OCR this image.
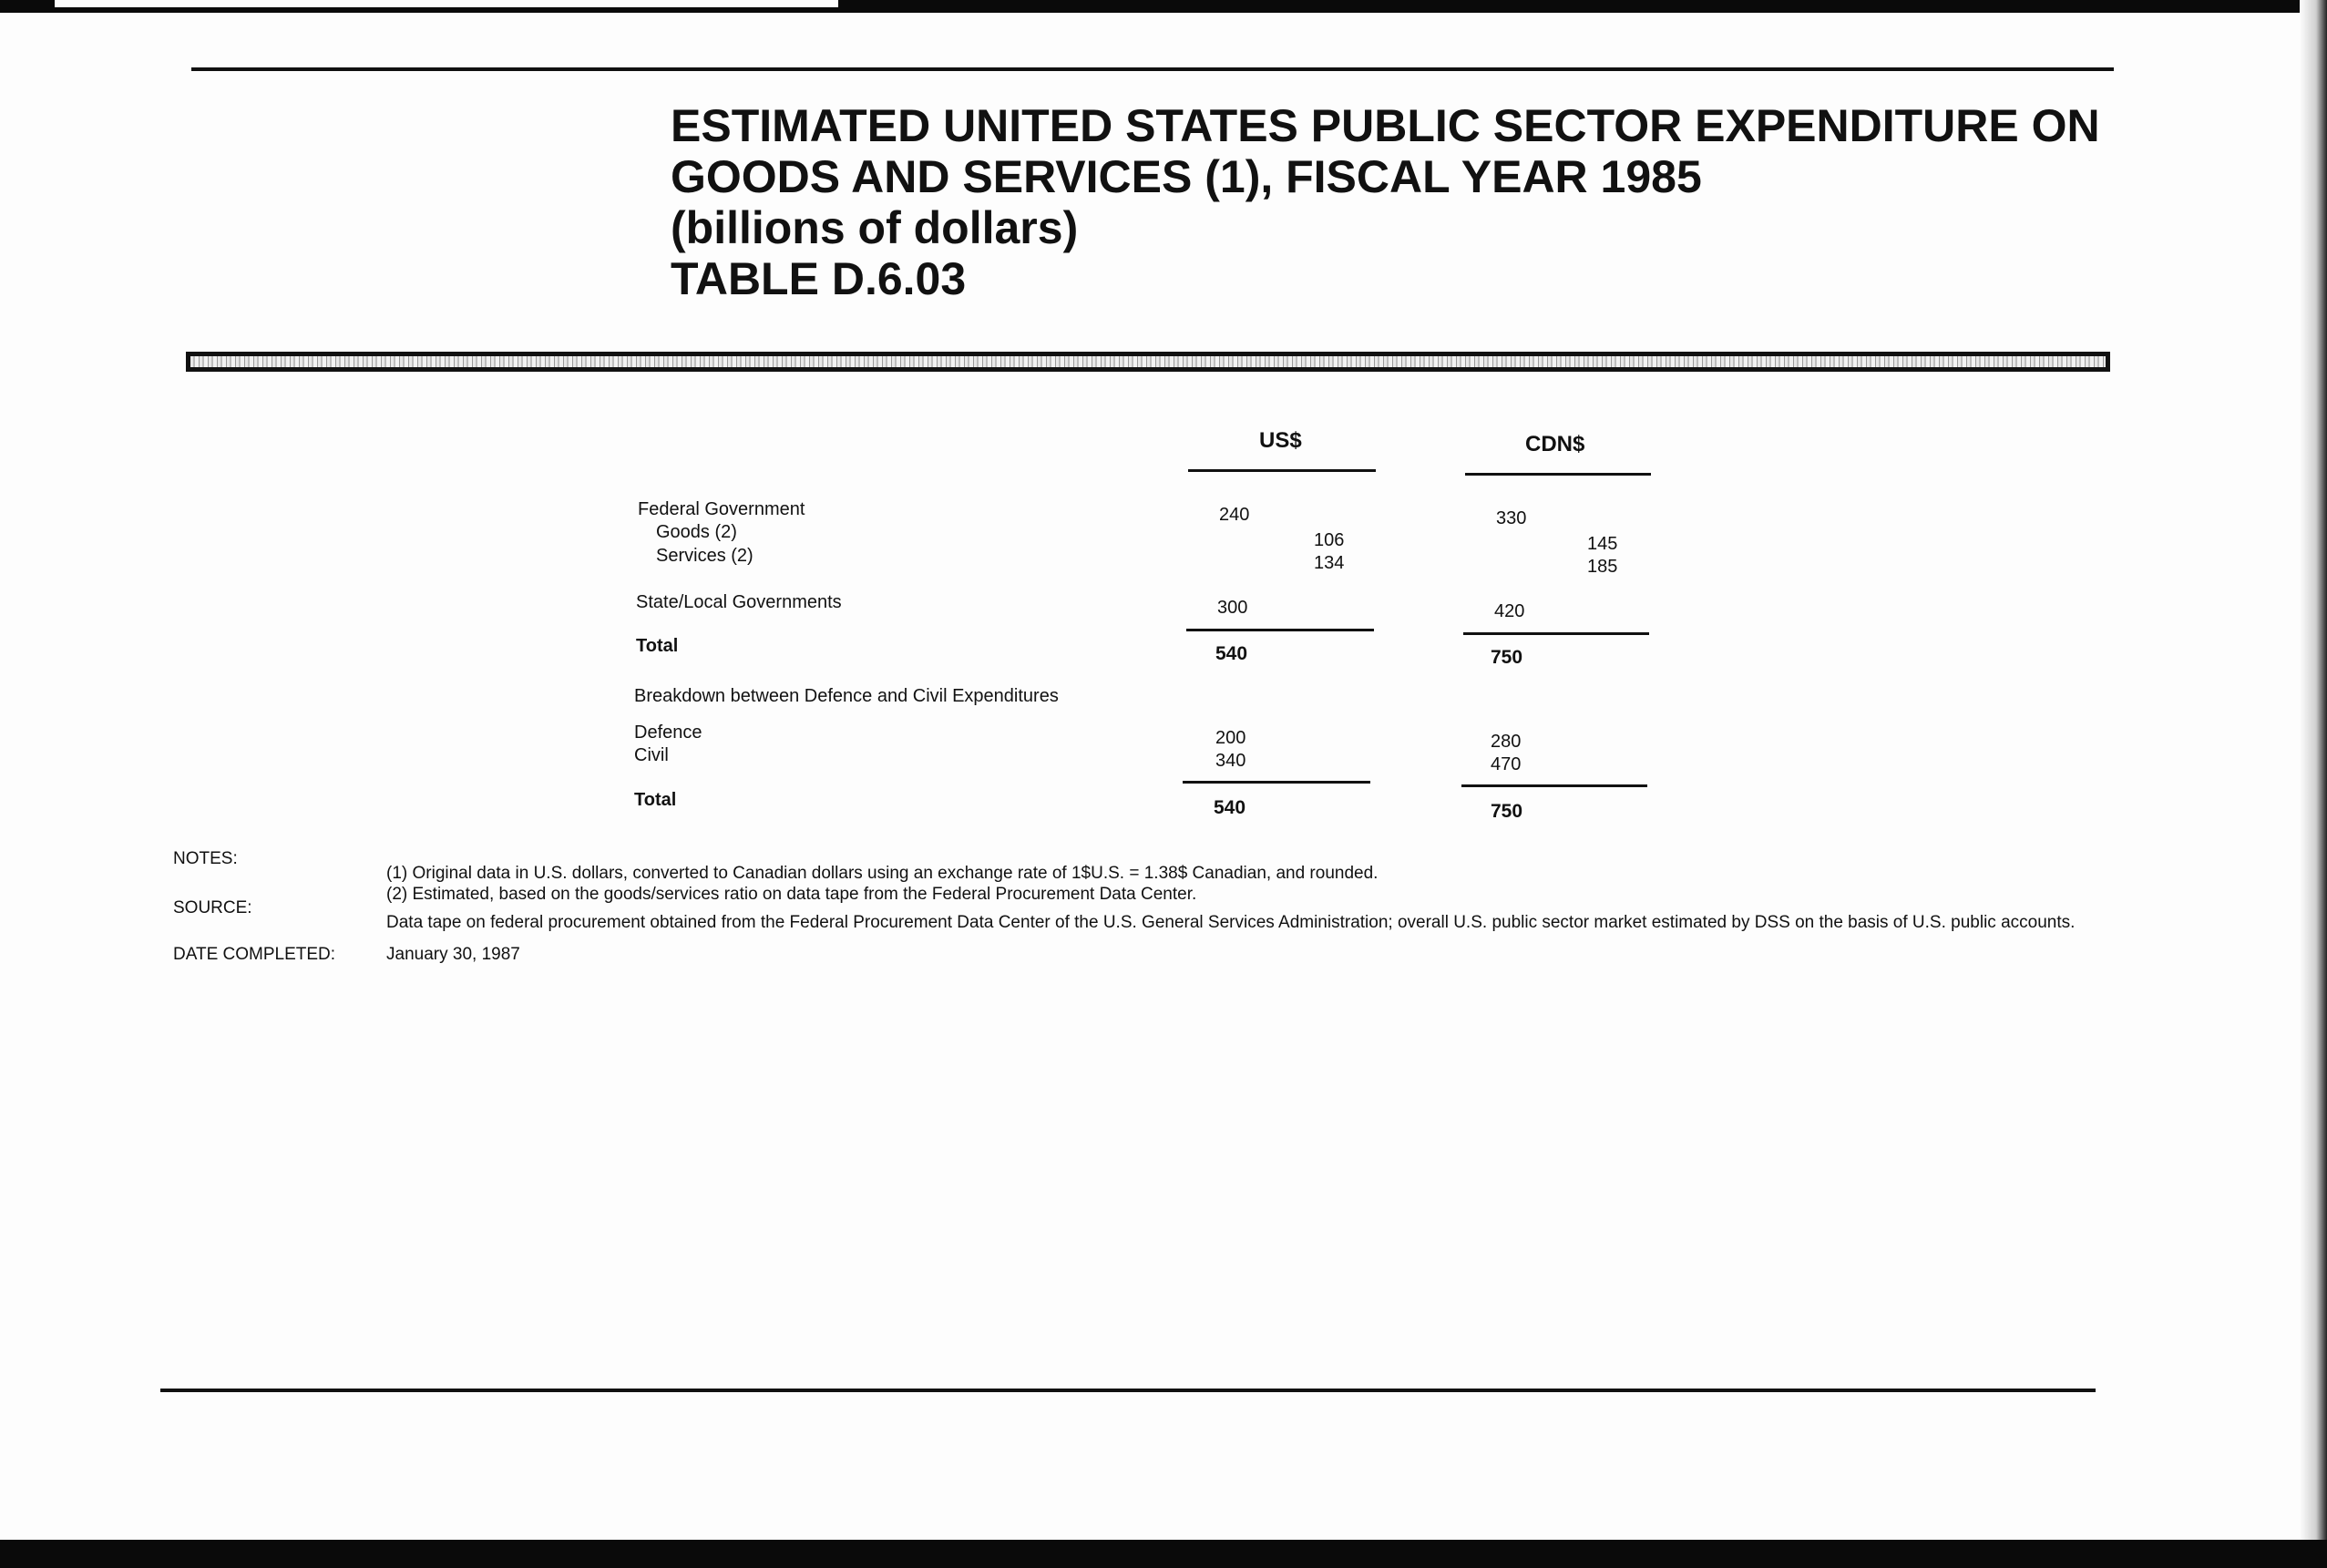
ESTIMATED UNITED STATES PUBLIC SECTOR EXPENDITURE ON
GOODS AND SERVICES (1), FISCAL YEAR 1985
(billions of dollars)
TABLE D.6.03
US$	CDN$
Federal Government	240	330
Goods (2)	106	145
Services (2)	134	185
State/Local Governments	300	420
Total	540	750
Breakdown between Defence and Civil Expenditures
Defence	200	280
Civil	340	470
Total	540	750
NOTES:
(1) Original data in U.S. dollars, converted to Canadian dollars using an exchange rate of 1$U.S. = 1.38$ Canadian, and rounded.
(2) Estimated, based on the goods/services ratio on data tape from the Federal Procurement Data Center.
SOURCE:
Data tape on federal procurement obtained from the Federal Procurement Data Center of the U.S. General Services Administration; overall U.S. public sector market estimated by DSS on the basis of U.S. public accounts.
DATE COMPLETED:	January 30, 1987
